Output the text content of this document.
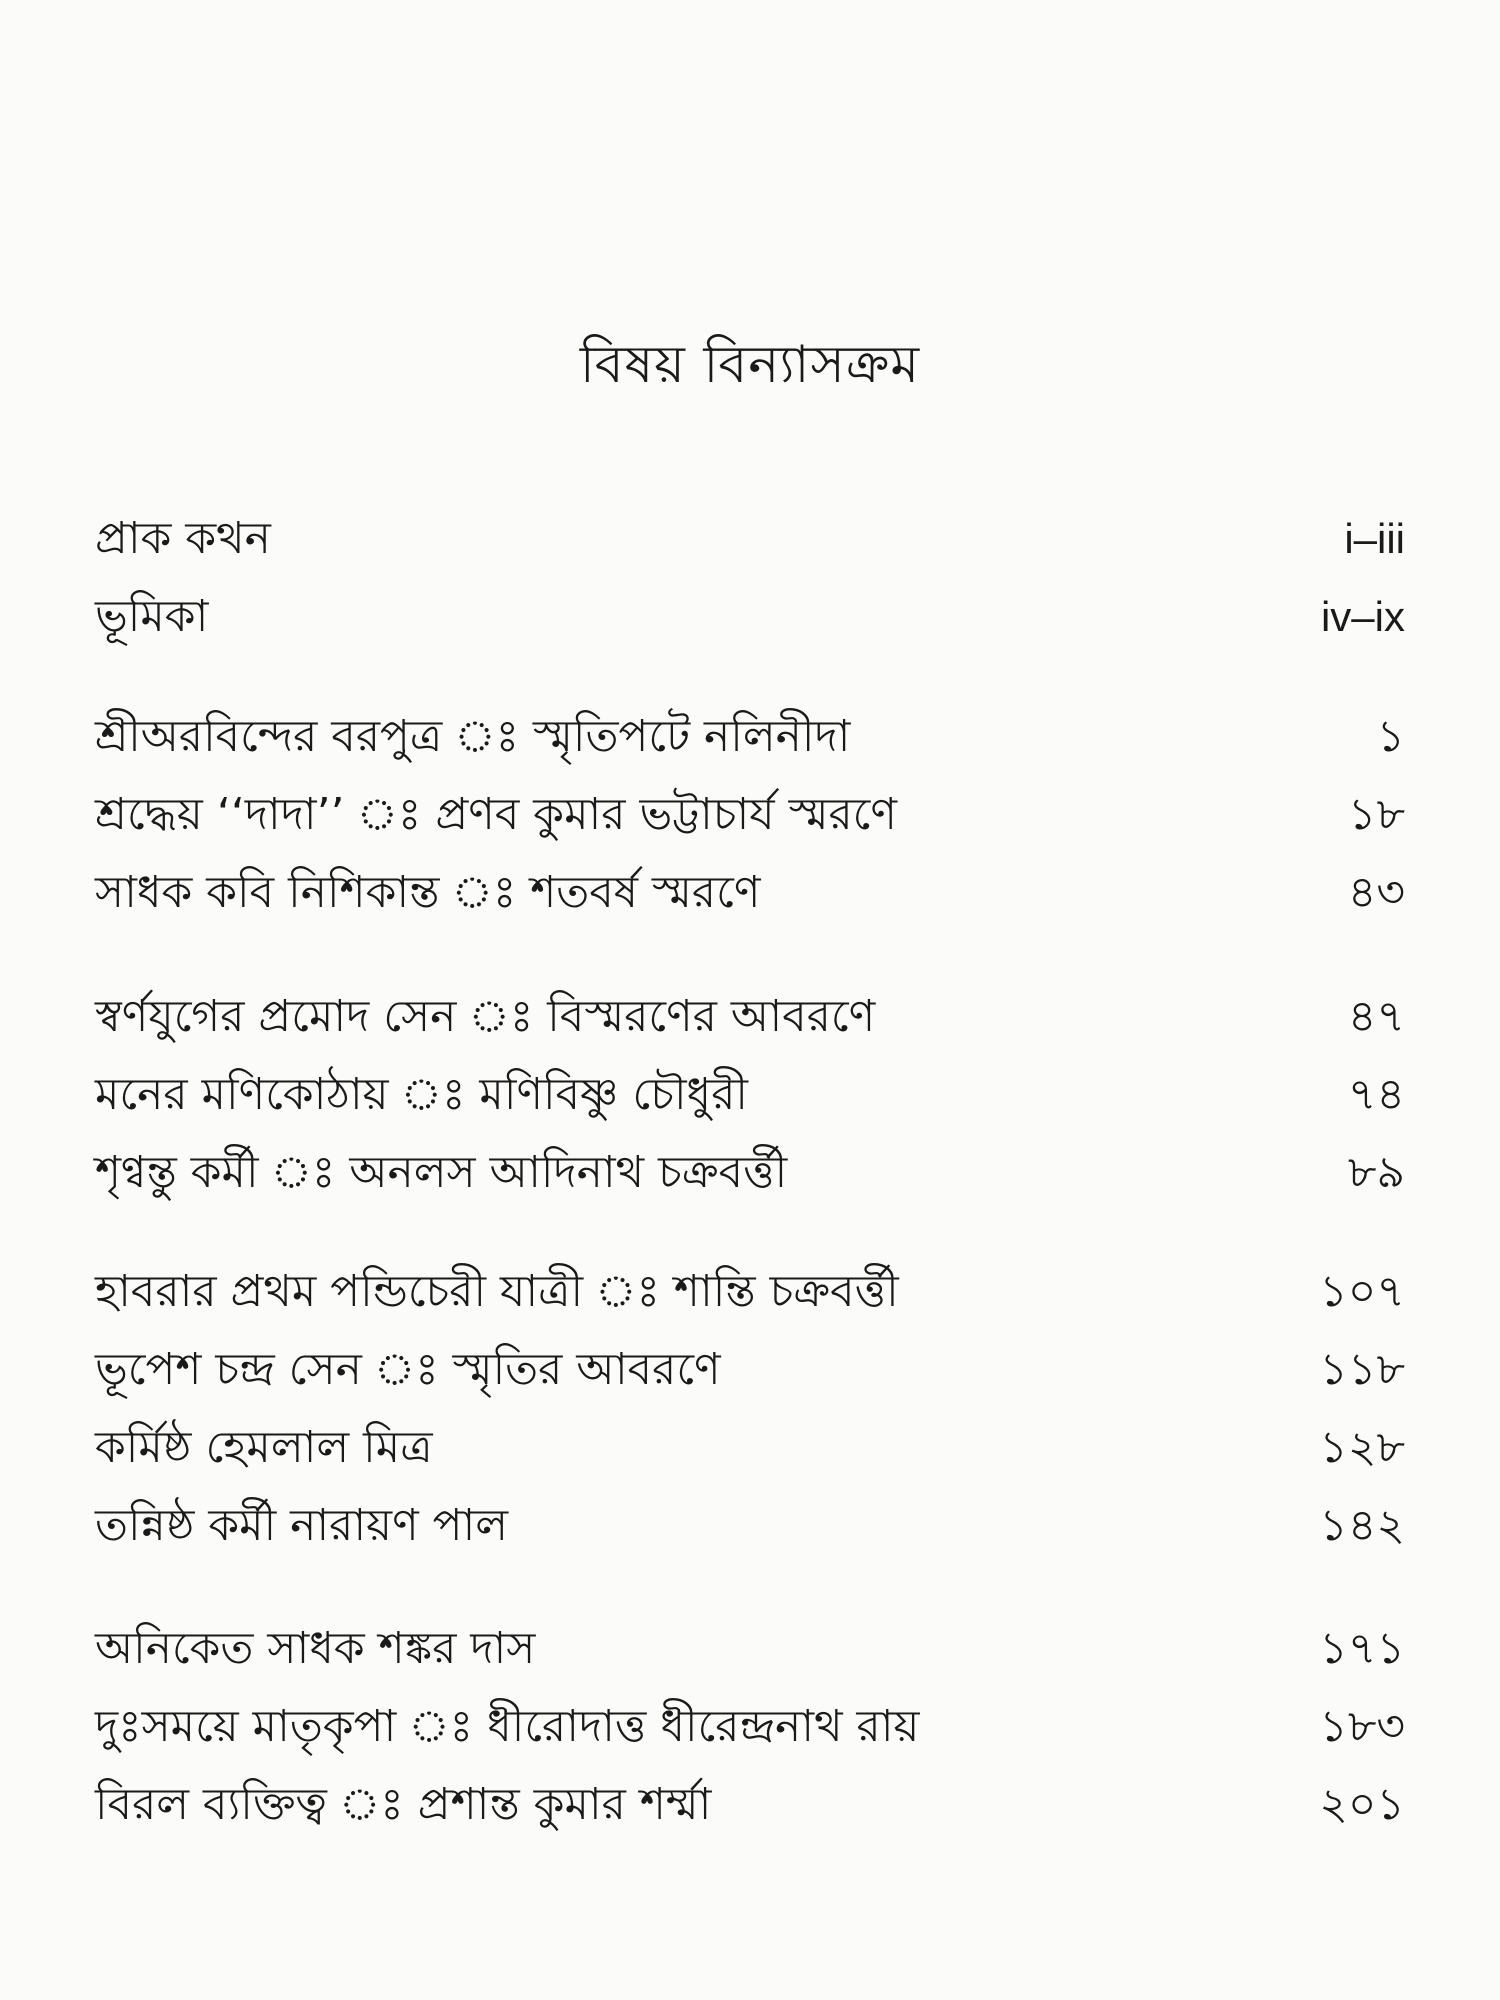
বিষয় বিন্যাসক্রম
প্রাক কথন	i–iii
ভূমিকা	iv–ix
শ্রীঅরবিন্দের বরপুত্র ঃ স্মৃতিপটে নলিনীদা	১
শ্রদ্ধেয় ‘‘দাদা’’ ঃ প্রণব কুমার ভট্টাচার্য স্মরণে	১৮
সাধক কবি নিশিকান্ত ঃ শতবর্ষ স্মরণে	৪৩
স্বর্ণযুগের প্রমোদ সেন ঃ বিস্মরণের আবরণে	৪৭
মনের মণিকোঠায় ঃ মণিবিষ্ণু চৌধুরী	৭৪
শৃণ্বন্তু কর্মী ঃ অনলস আদিনাথ চক্রবর্ত্তী	৮৯
হাবরার প্রথম পন্ডিচেরী যাত্রী ঃ শান্তি চক্রবর্ত্তী	১০৭
ভূপেশ চন্দ্র সেন ঃ স্মৃতির আবরণে	১১৮
কর্মিষ্ঠ হেমলাল মিত্র	১২৮
তন্নিষ্ঠ কর্মী নারায়ণ পাল	১৪২
অনিকেত সাধক শঙ্কর দাস	১৭১
দুঃসময়ে মাতৃকৃপা ঃ ধীরোদাত্ত ধীরেন্দ্রনাথ রায়	১৮৩
বিরল ব্যক্তিত্ব ঃ প্রশান্ত কুমার শৰ্ম্মা	২০১
